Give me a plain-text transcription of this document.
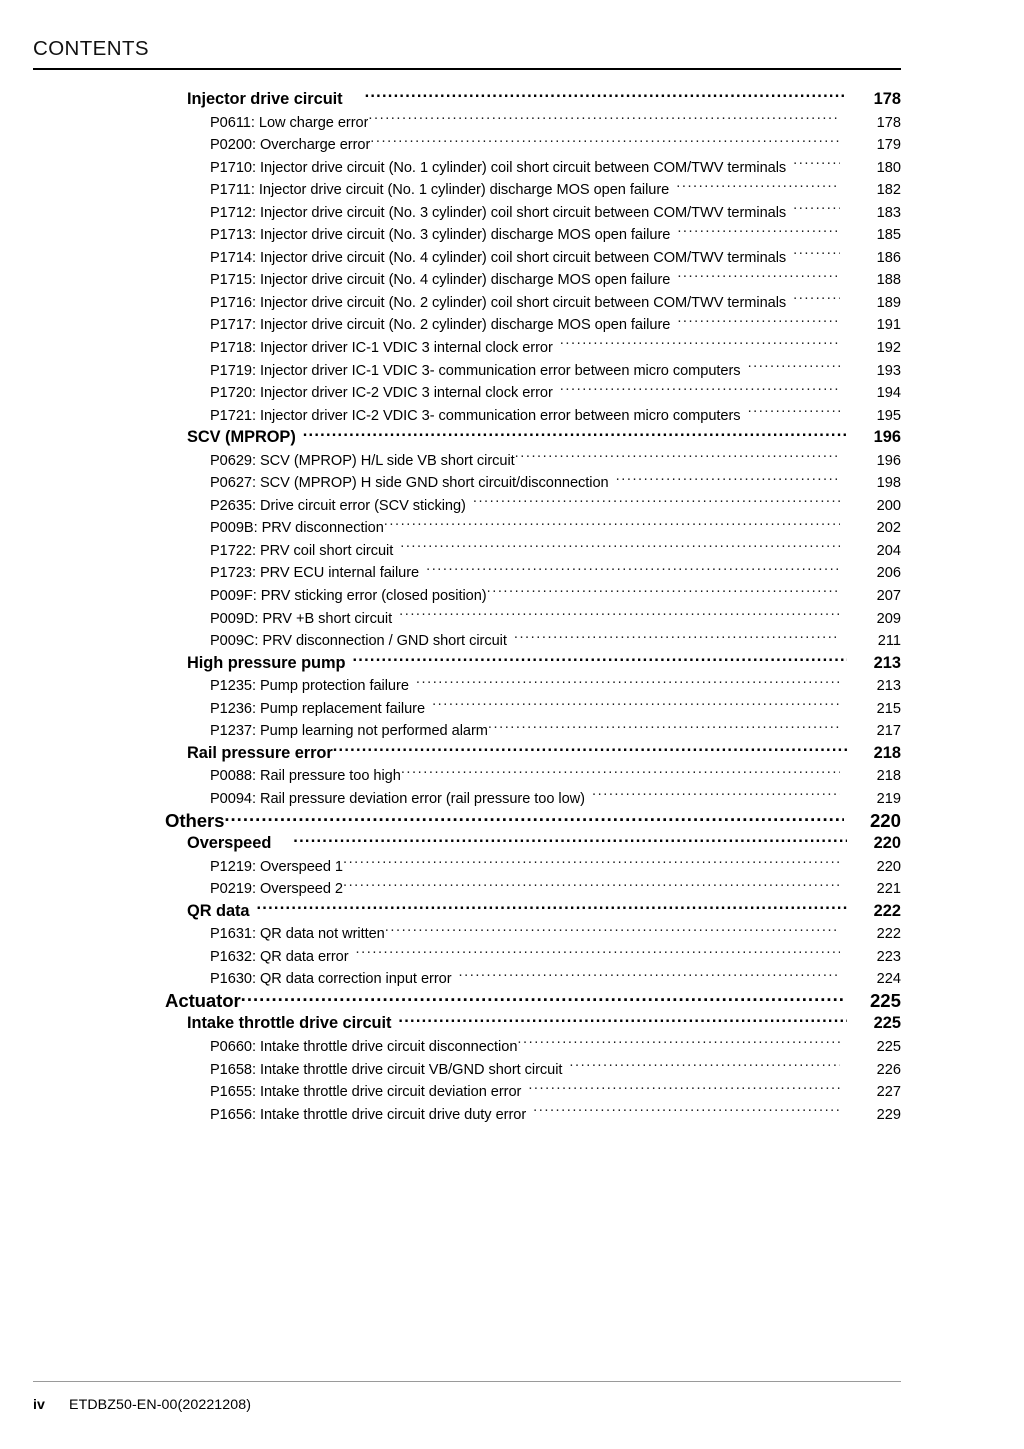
CONTENTS
Injector drive circuit .....	178
P0611: Low charge error .....	178
P0200: Overcharge error .....	179
P1710: Injector drive circuit (No. 1 cylinder) coil short circuit between COM/TWV terminals .....	180
P1711: Injector drive circuit (No. 1 cylinder) discharge MOS open failure .....	182
P1712: Injector drive circuit (No. 3 cylinder) coil short circuit between COM/TWV terminals .....	183
P1713: Injector drive circuit (No. 3 cylinder) discharge MOS open failure .....	185
P1714: Injector drive circuit (No. 4 cylinder) coil short circuit between COM/TWV terminals .....	186
P1715: Injector drive circuit (No. 4 cylinder) discharge MOS open failure .....	188
P1716: Injector drive circuit (No. 2 cylinder) coil short circuit between COM/TWV terminals .....	189
P1717: Injector drive circuit (No. 2 cylinder) discharge MOS open failure .....	191
P1718: Injector driver IC-1 VDIC 3 internal clock error .....	192
P1719: Injector driver IC-1 VDIC 3- communication error between micro computers .....	193
P1720: Injector driver IC-2 VDIC 3 internal clock error .....	194
P1721: Injector driver IC-2 VDIC 3- communication error between micro computers .....	195
SCV (MPROP) .....	196
P0629: SCV (MPROP) H/L side VB short circuit .....	196
P0627: SCV (MPROP) H side GND short circuit/disconnection .....	198
P2635: Drive circuit error (SCV sticking) .....	200
P009B: PRV disconnection .....	202
P1722: PRV coil short circuit .....	204
P1723: PRV ECU internal failure .....	206
P009F: PRV sticking error (closed position) .....	207
P009D: PRV +B short circuit .....	209
P009C: PRV disconnection / GND short circuit .....	211
High pressure pump .....	213
P1235: Pump protection failure .....	213
P1236: Pump replacement failure .....	215
P1237: Pump learning not performed alarm .....	217
Rail pressure error .....	218
P0088: Rail pressure too high .....	218
P0094: Rail pressure deviation error (rail pressure too low) .....	219
Others .....	220
Overspeed .....	220
P1219: Overspeed 1 .....	220
P0219: Overspeed 2 .....	221
QR data .....	222
P1631: QR data not written .....	222
P1632: QR data error .....	223
P1630: QR data correction input error .....	224
Actuator .....	225
Intake throttle drive circuit .....	225
P0660: Intake throttle drive circuit disconnection .....	225
P1658: Intake throttle drive circuit VB/GND short circuit .....	226
P1655: Intake throttle drive circuit deviation error .....	227
P1656: Intake throttle drive circuit drive duty error .....	229
iv	ETDBZ50-EN-00(20221208)
